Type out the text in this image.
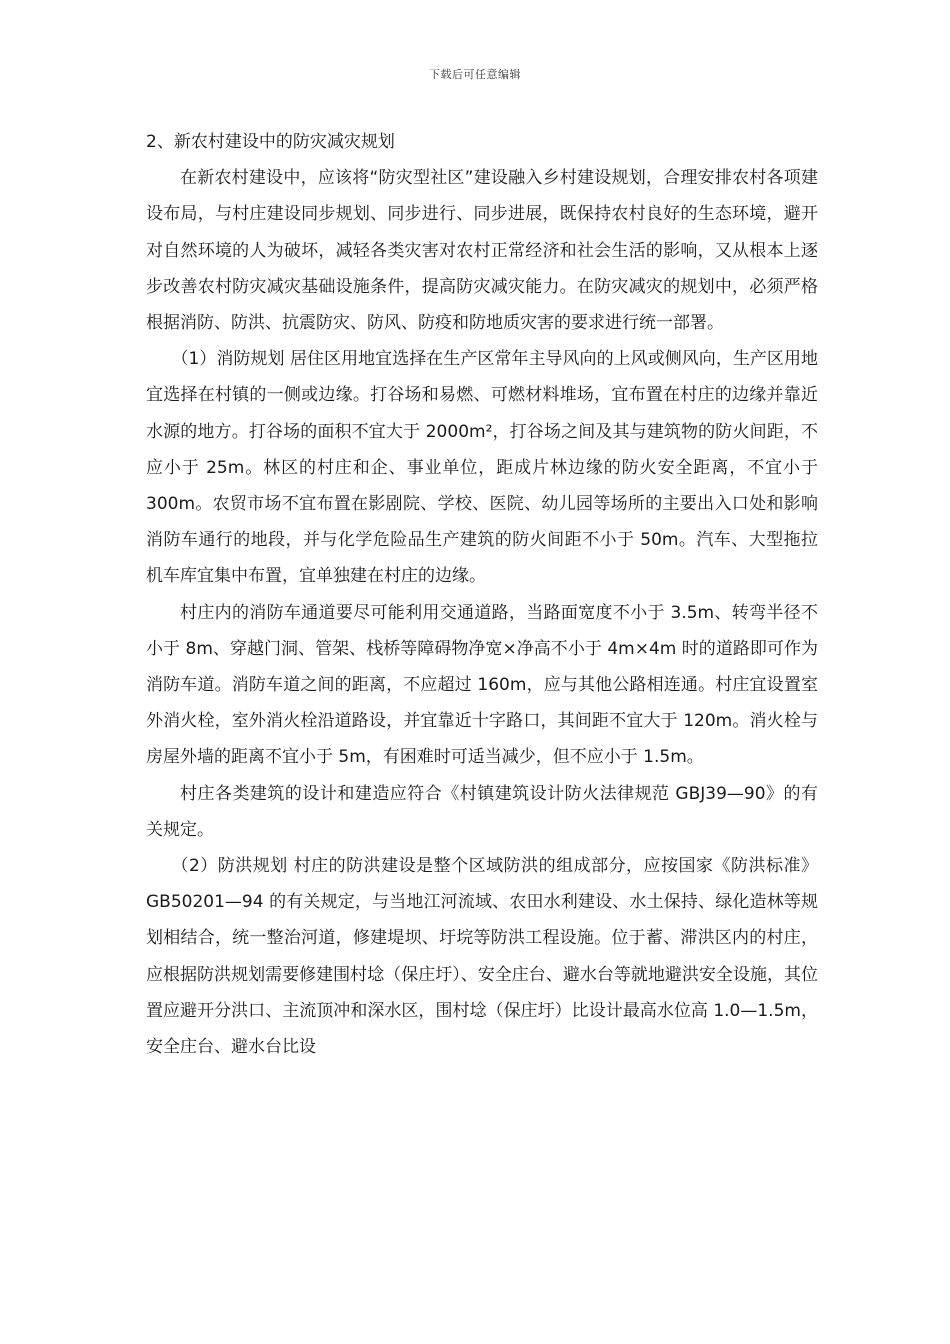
下载后可任意编辑

2、新农村建设中的防灾减灾规划

在新农村建设中，应该将“防灾型社区”建设融入乡村建设规划，合理安排农村各项建设布局，与村庄建设同步规划、同步进行、同步进展，既保持农村良好的生态环境，避开对自然环境的人为破坏，减轻各类灾害对农村正常经济和社会生活的影响，又从根本上逐步改善农村防灾减灾基础设施条件，提高防灾减灾能力。在防灾减灾的规划中，必须严格根据消防、防洪、抗震防灾、防风、防疫和防地质灾害的要求进行统一部署。

（1）消防规划 居住区用地宜选择在生产区常年主导风向的上风或侧风向，生产区用地宜选择在村镇的一侧或边缘。打谷场和易燃、可燃材料堆场，宜布置在村庄的边缘并靠近水源的地方。打谷场的面积不宜大于 2000m²，打谷场之间及其与建筑物的防火间距，不应小于 25m。林区的村庄和企、事业单位，距成片林边缘的防火安全距离，不宜小于 300m。农贸市场不宜布置在影剧院、学校、医院、幼儿园等场所的主要出入口处和影响消防车通行的地段，并与化学危险品生产建筑的防火间距不小于 50m。汽车、大型拖拉机车库宜集中布置，宜单独建在村庄的边缘。

村庄内的消防车通道要尽可能利用交通道路，当路面宽度不小于 3.5m、转弯半径不小于 8m、穿越门洞、管架、栈桥等障碍物净宽×净高不小于 4m×4m 时的道路即可作为消防车道。消防车道之间的距离，不应超过 160m，应与其他公路相连通。村庄宜设置室外消火栓，室外消火栓沿道路设，并宜靠近十字路口，其间距不宜大于 120m。消火栓与房屋外墙的距离不宜小于 5m，有困难时可适当减少，但不应小于 1.5m。

村庄各类建筑的设计和建造应符合《村镇建筑设计防火法律规范 GBJ39—90》的有关规定。

（2）防洪规划 村庄的防洪建设是整个区域防洪的组成部分，应按国家《防洪标准》GB50201—94 的有关规定，与当地江河流域、农田水利建设、水土保持、绿化造林等规划相结合，统一整治河道，修建堤坝、圩垸等防洪工程设施。位于蓄、滞洪区内的村庄，应根据防洪规划需要修建围村埝（保庄圩）、安全庄台、避水台等就地避洪安全设施，其位置应避开分洪口、主流顶冲和深水区，围村埝（保庄圩）比设计最高水位高 1.0—1.5m，安全庄台、避水台比设
